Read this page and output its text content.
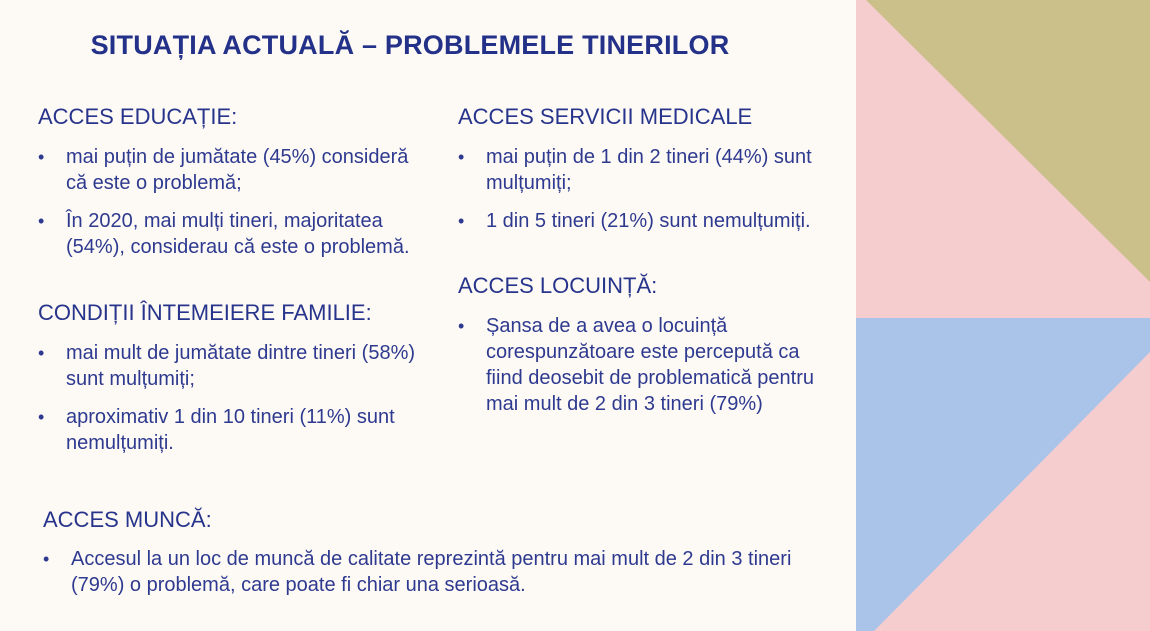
SITUAȚIA ACTUALĂ – PROBLEMELE TINERILOR
ACCES EDUCAȚIE:
• mai puțin de jumătate (45%) consideră că este o problemă;
• În 2020, mai mulți tineri, majoritatea (54%), considerau că este o problemă.
ACCES SERVICII MEDICALE
• mai puțin de 1 din 2 tineri (44%) sunt mulțumiți;
• 1 din 5 tineri (21%) sunt nemulțumiți.
CONDIȚII ÎNTEMEIERE FAMILIE:
• mai mult de jumătate dintre tineri (58%) sunt mulțumiți;
• aproximativ 1 din 10 tineri (11%) sunt nemulțumiți.
ACCES LOCUINȚĂ:
• Șansa de a avea o locuință corespunzătoare este percepută ca fiind deosebit de problematică pentru mai mult de 2 din 3 tineri (79%)
ACCES MUNCĂ:
• Accesul la un loc de muncă de calitate reprezintă pentru mai mult de 2 din 3 tineri (79%) o problemă, care poate fi chiar una serioasă.
